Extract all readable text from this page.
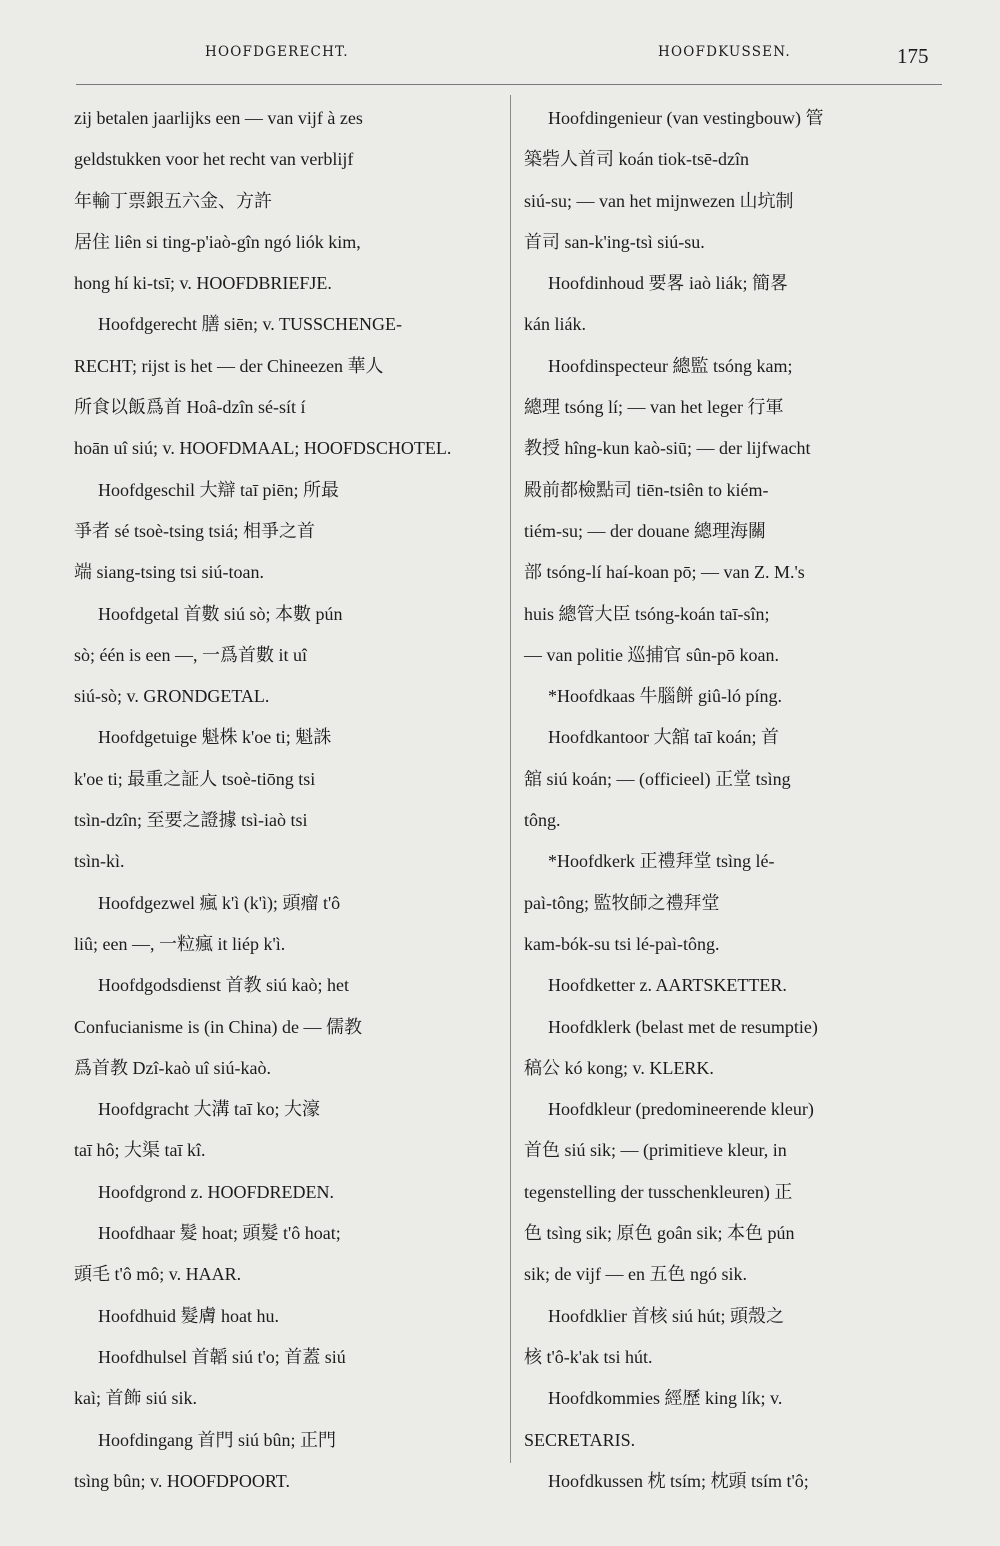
HOOFDGERECHT.	HOOFDKUSSEN.	175
zij betalen jaarlijks een — van vijf à zes
geldstukken voor het recht van verblijf
年輸丁票銀五六金、方許
居住 liên si ting-p'iaò-gîn ngó liók kim,
hong hí ki-tsī; v. HOOFDBRIEFJE.
Hoofdgerecht 膳 siēn; v. TUSSCHENGE-
RECHT; rijst is het — der Chineezen 華人
所食以飯爲首 Hoâ-dzîn sé-sít í
hoān uî siú; v. HOOFDMAAL; HOOFDSCHOTEL.
Hoofdgeschil 大辯 taī piēn; 所最
爭者 sé tsoè-tsing tsiá; 相爭之首
端 siang-tsing tsi siú-toan.
Hoofdgetal 首數 siú sò; 本數 pún
sò; één is een —, 一爲首數 it uî
siú-sò; v. GRONDGETAL.
Hoofdgetuige 魁株 k'oe ti; 魁誅
k'oe ti; 最重之証人 tsoè-tiōng tsi
tsìn-dzîn; 至要之證據 tsì-iaò tsi
tsìn-kì.
Hoofdgezwel 瘋 k'ì (k'ì); 頭瘤 t'ô
liû; een —, 一粒瘋 it liép k'ì.
Hoofdgodsdienst 首教 siú kaò; het
Confucianisme is (in China) de — 儒教
爲首教 Dzî-kaò uî siú-kaò.
Hoofdgracht 大溝 taī ko; 大濠
taī hô; 大渠 taī kî.
Hoofdgrond z. HOOFDREDEN.
Hoofdhaar 髮 hoat; 頭髮 t'ô hoat;
頭毛 t'ô mô; v. HAAR.
Hoofdhuid 髮膚 hoat hu.
Hoofdhulsel 首韜 siú t'o; 首蓋 siú
kaì; 首飾 siú sik.
Hoofdingang 首門 siú bûn; 正門
tsìng bûn; v. HOOFDPOORT.
Hoofdingenieur (van vestingbouw) 管
築砦人首司 koán tiok-tsē-dzîn
siú-su; — van het mijnwezen 山坑制
首司 san-k'ing-tsì siú-su.
Hoofdinhoud 要畧 iaò liák; 簡畧
kán liák.
Hoofdinspecteur 總監 tsóng kam;
總理 tsóng lí; — van het leger 行軍
教授 hîng-kun kaò-siū; — der lijfwacht
殿前都檢點司 tiēn-tsiên to kiém-
tiém-su; — der douane 總理海關
部 tsóng-lí haí-koan pō; — van Z. M.'s
huis 總管大臣 tsóng-koán taī-sîn;
— van politie 巡捕官 sûn-pō koan.
*Hoofdkaas 牛腦餅 giû-ló píng.
Hoofdkantoor 大舘 taī koán; 首
舘 siú koán; — (officieel) 正堂 tsìng
tông.
*Hoofdkerk 正禮拜堂 tsìng lé-
paì-tông; 監牧師之禮拜堂
kam-bók-su tsi lé-paì-tông.
Hoofdketter z. AARTSKETTER.
Hoofdklerk (belast met de resumptie)
稿公 kó kong; v. KLERK.
Hoofdkleur (predomineerende kleur)
首色 siú sik; — (primitieve kleur, in
tegenstelling der tusschenkleuren) 正
色 tsìng sik; 原色 goân sik; 本色 pún
sik; de vijf — en 五色 ngó sik.
Hoofdklier 首核 siú hút; 頭殼之
核 t'ô-k'ak tsi hút.
Hoofdkommies 經歷 king lík; v.
SECRETARIS.
Hoofdkussen 枕 tsím; 枕頭 tsím t'ô;
